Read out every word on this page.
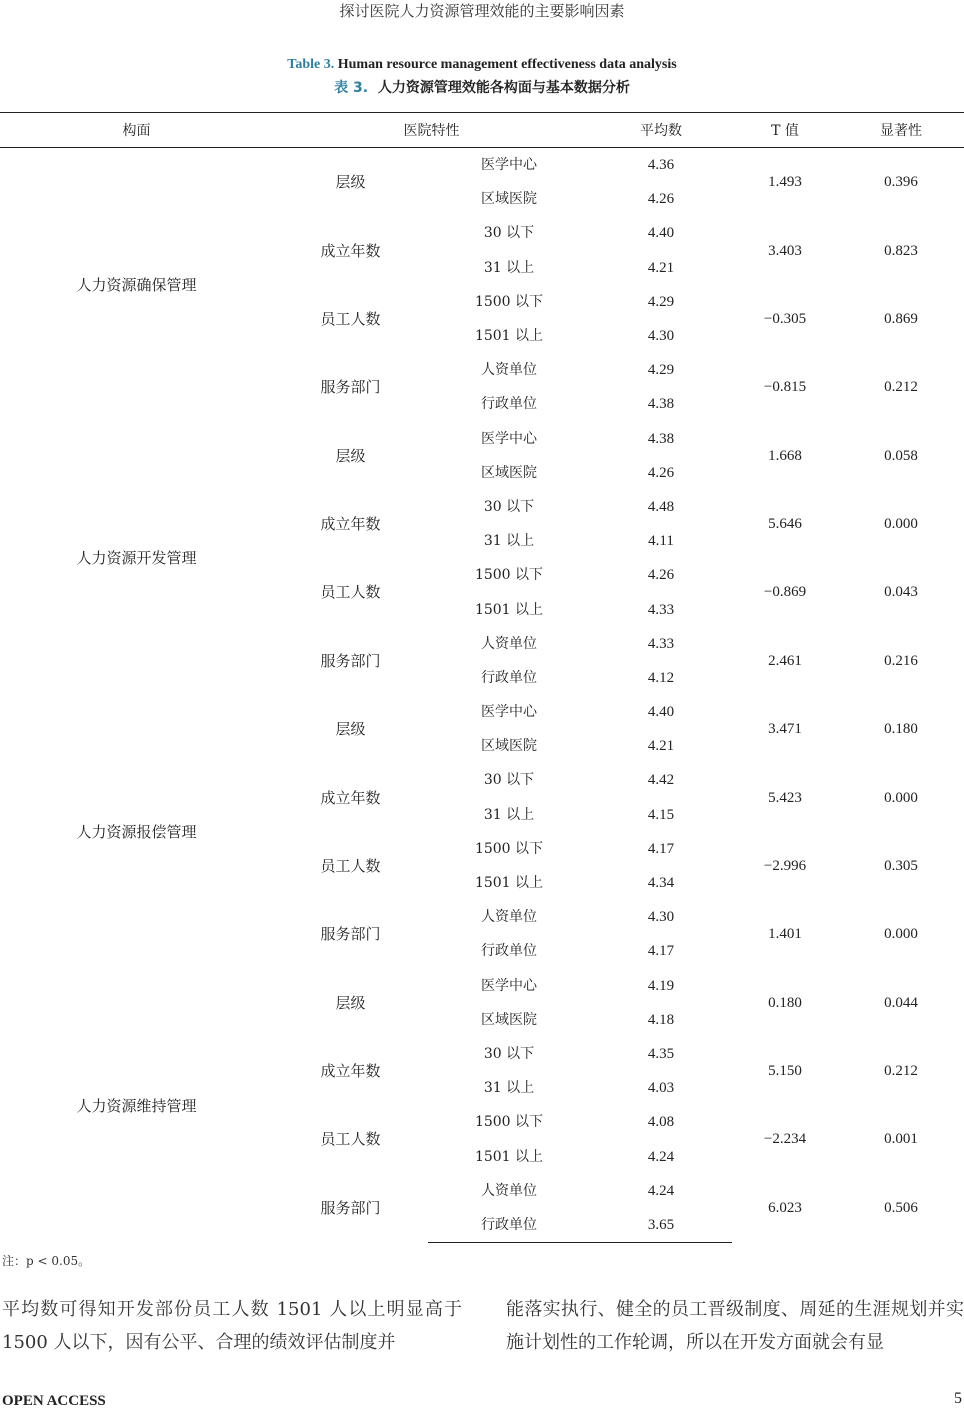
探讨医院人力资源管理效能的主要影响因素
Table 3. Human resource management effectiveness data analysis
表 3. 人力资源管理效能各构面与基本数据分析
构面	医院特性		平均数	T 值	显著性
人力资源确保管理	层级	医学中心	4.36	1.493	0.396
		区域医院	4.26		
	成立年数	30 以下	4.40	3.403	0.823
		31 以上	4.21		
	员工人数	1500 以下	4.29	−0.305	0.869
		1501 以上	4.30		
	服务部门	人资单位	4.29	−0.815	0.212
		行政单位	4.38		
人力资源开发管理	层级	医学中心	4.38	1.668	0.058
		区域医院	4.26		
	成立年数	30 以下	4.48	5.646	0.000
		31 以上	4.11		
	员工人数	1500 以下	4.26	−0.869	0.043
		1501 以上	4.33		
	服务部门	人资单位	4.33	2.461	0.216
		行政单位	4.12		
人力资源报偿管理	层级	医学中心	4.40	3.471	0.180
		区域医院	4.21		
	成立年数	30 以下	4.42	5.423	0.000
		31 以上	4.15		
	员工人数	1500 以下	4.17	−2.996	0.305
		1501 以上	4.34		
	服务部门	人资单位	4.30	1.401	0.000
		行政单位	4.17		
人力资源维持管理	层级	医学中心	4.19	0.180	0.044
		区域医院	4.18		
	成立年数	30 以下	4.35	5.150	0.212
		31 以上	4.03		
	员工人数	1500 以下	4.08	−2.234	0.001
		1501 以上	4.24		
	服务部门	人资单位	4.24	6.023	0.506
		行政单位	3.65		
注：p < 0.05。
平均数可得知开发部份员工人数 1501 人以上明显高于 1500 人以下，因有公平、合理的绩效评估制度并
能落实执行、健全的员工晋级制度、周延的生涯规划并实施计划性的工作轮调，所以在开发方面就会有显
OPEN ACCESS	5
